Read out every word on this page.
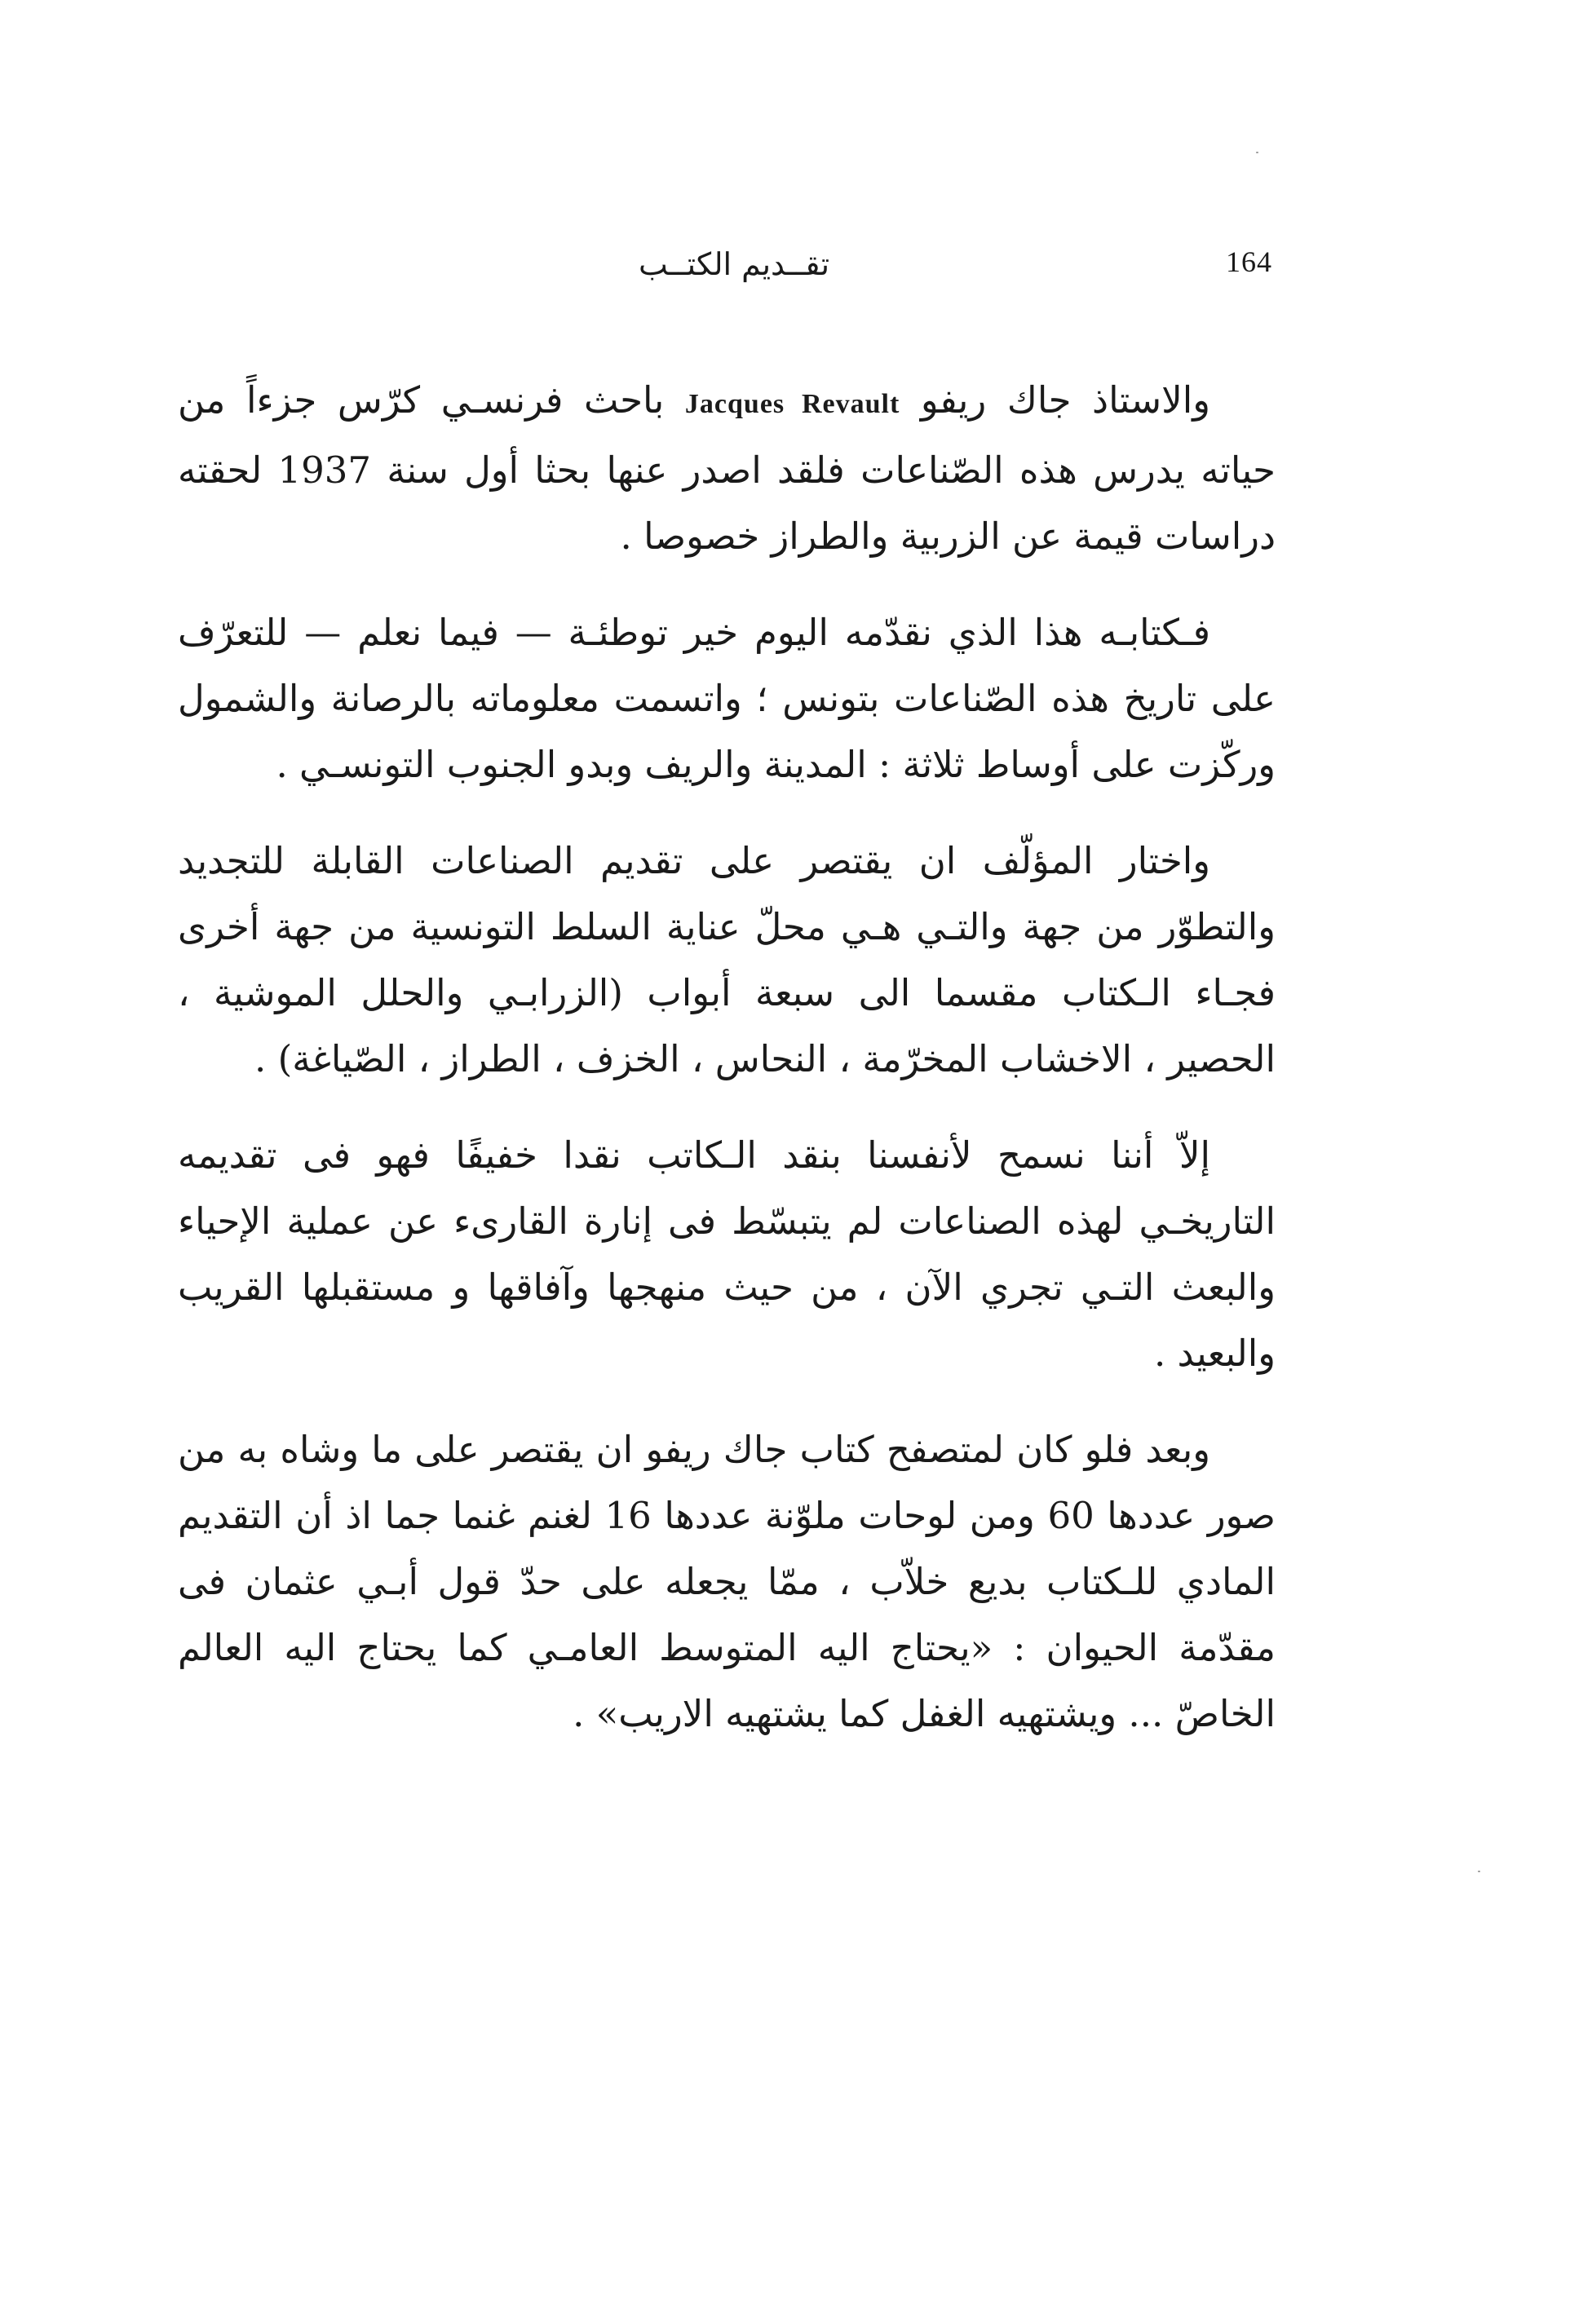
164
تقــديم الكتــب

والاستاذ جاك ريفو Jacques Revault باحث فرنسـي كرّس جزءاً من حياته يدرس هذه الصّناعات فلقد اصدر عنها بحثا أول سنة 1937 لحقته دراسات قيمة عن الزربية والطراز خصوصا .

فـكتابـه هذا الذي نقدّمه اليوم خير توطئـة — فيما نعلم — للتعرّف على تاريخ هذه الصّناعات بتونس ؛ واتسمت معلوماته بالرصانة والشمول وركّزت على أوساط ثلاثة : المدينة والريف وبدو الجنوب التونسـي .

واختار المؤلّف ان يقتصر على تقديم الصناعات القابلة للتجديد والتطوّر من جهة والتـي هـي محلّ عناية السلط التونسية من جهة أخرى فجـاء الـكتاب مقسما الى سبعة أبواب (الزرابـي والحلل الموشية ، الحصير ، الاخشاب المخرّمة ، النحاس ، الخزف ، الطراز ، الصّياغة) .

إلاّ أننا نسمح لأنفسنا بنقد الـكاتب نقدا خفيفًا فهو فى تقديمه التاريخـي لهذه الصناعات لم يتبسّط فى إنارة القارىء عن عملية الإحياء والبعث التـي تجري الآن ، من حيث منهجها وآفاقها و مستقبلها القريب والبعيد .

وبعد فلو كان لمتصفح كتاب جاك ريفو ان يقتصر على ما وشاه به من صور عددها 60 ومن لوحات ملوّنة عددها 16 لغنم غنما جما اذ أن التقديم المادي للـكتاب بديع خلاّب ، ممّا يجعله على حدّ قول أبـي عثمان فى مقدّمة الحيوان : «يحتاج اليه المتوسط العامـي كما يحتاج اليه العالم الخاصّ ... ويشتهيه الغفل كما يشتهيه الاريب» .
